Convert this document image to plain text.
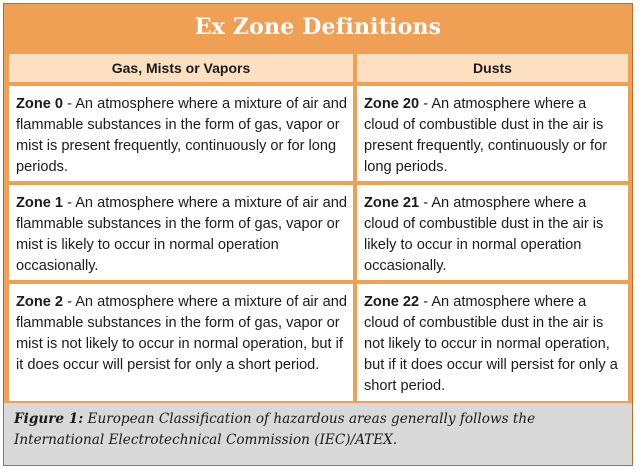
Ex Zone Definitions
Gas, Mists or Vapors	Dusts
Zone 0 - An atmosphere where a mixture of air and flammable substances in the form of gas, vapor or mist is present frequently, continuously or for long periods.
Zone 20 - An atmosphere where a cloud of combustible dust in the air is present frequently, continuously or for long periods.
Zone 1 - An atmosphere where a mixture of air and flammable substances in the form of gas, vapor or mist is likely to occur in normal operation occasionally.
Zone 21 - An atmosphere where a cloud of combustible dust in the air is likely to occur in normal operation occasionally.
Zone 2 - An atmosphere where a mixture of air and flammable substances in the form of gas, vapor or mist is not likely to occur in normal operation, but if it does occur will persist for only a short period.
Zone 22 - An atmosphere where a cloud of combustible dust in the air is not likely to occur in normal operation, but if it does occur will persist for only a short period.
Figure 1: European Classification of hazardous areas generally follows the International Electrotechnical Commission (IEC)/ATEX.
